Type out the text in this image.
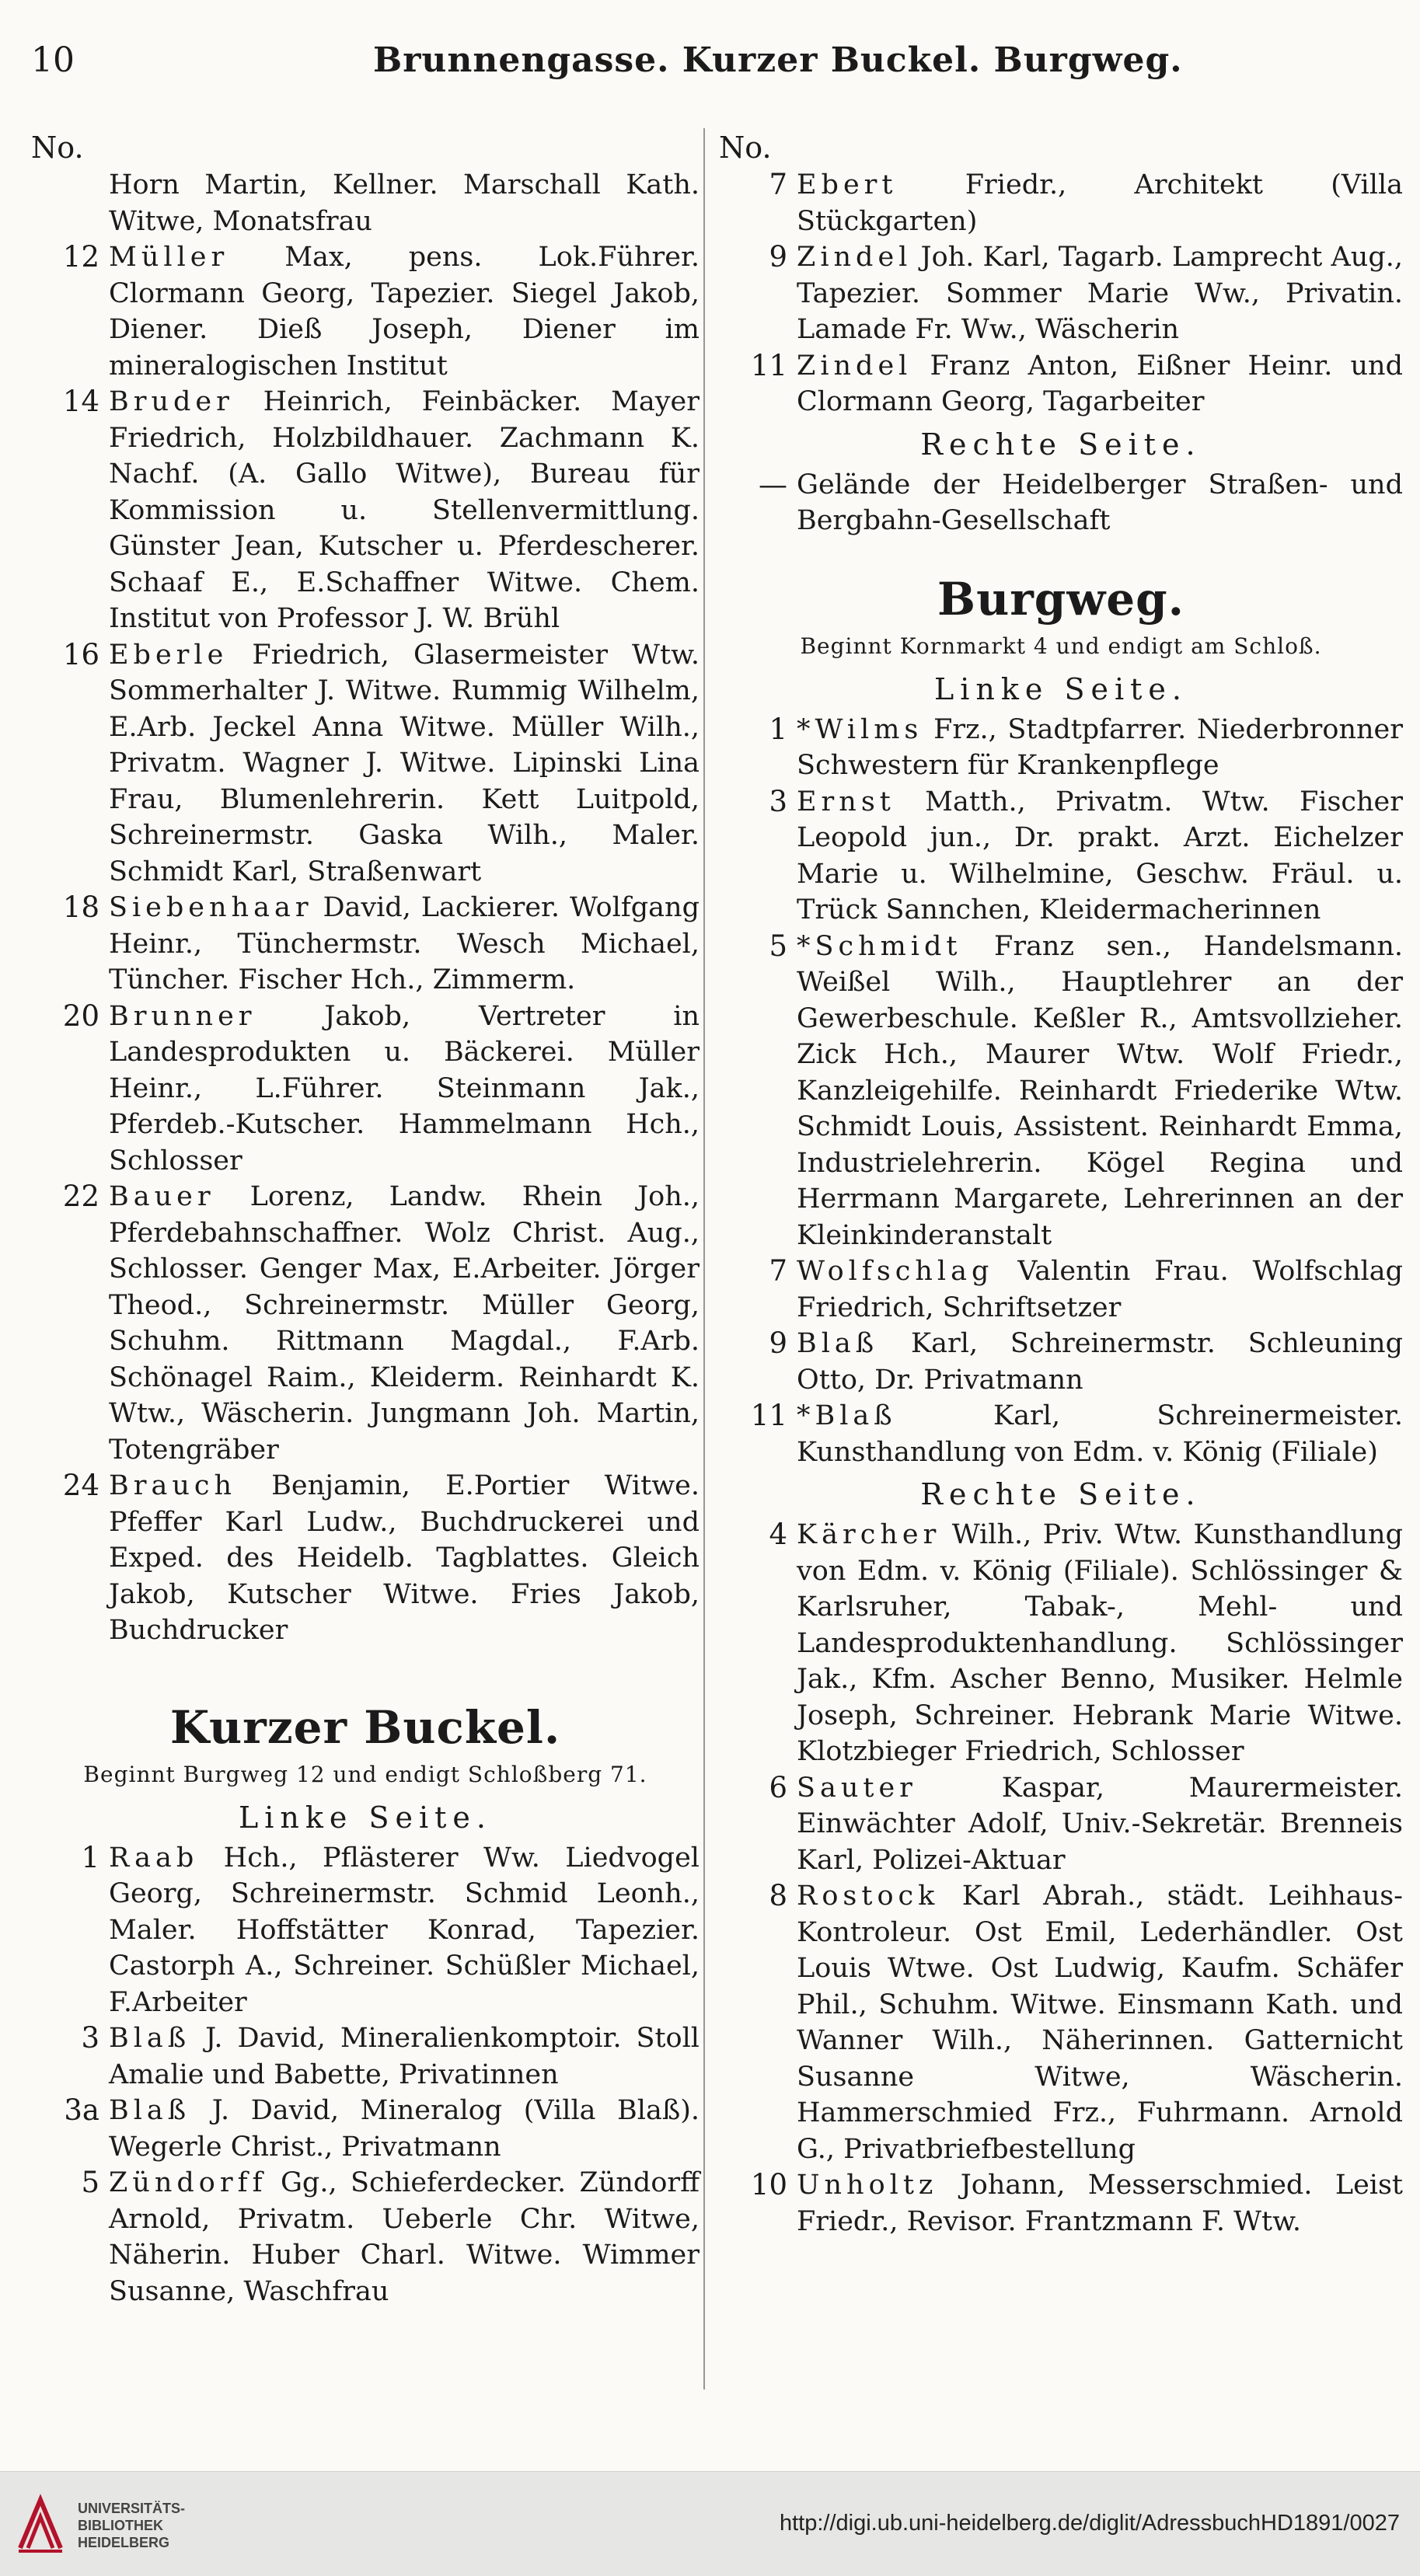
10	Brunnengasse. Kurzer Buckel. Burgweg.
No.

Horn Martin, Kellner. Marschall Kath. Witwe, Monatsfrau

12 Müller Max, pens. Lok.Führer. Clormann Georg, Tapezier. Siegel Jakob, Diener. Dieß Joseph, Diener im mineralogischen Institut

14 Bruder Heinrich, Feinbäcker. Mayer Friedrich, Holzbildhauer. Zachmann K. Nachf. (A. Gallo Witwe), Bureau für Kommission u. Stellenvermittlung. Günster Jean, Kutscher u. Pferdescherer. Schaaf E., E.Schaffner Witwe. Chem. Institut von Professor J. W. Brühl

16 Eberle Friedrich, Glasermeister Wtw. Sommerhalter J. Witwe. Rummig Wilhelm, E.Arb. Jeckel Anna Witwe. Müller Wilh., Privatm. Wagner J. Witwe. Lipinski Lina Frau, Blumenlehrerin. Kett Luitpold, Schreinermstr. Gaska Wilh., Maler. Schmidt Karl, Straßenwart

18 Siebenhaar David, Lackierer. Wolfgang Heinr., Tünchermstr. Wesch Michael, Tüncher. Fischer Hch., Zimmerm.

20 Brunner Jakob, Vertreter in Landesprodukten u. Bäckerei. Müller Heinr., L.Führer. Steinmann Jak., Pferdeb.-Kutscher. Hammelmann Hch., Schlosser

22 Bauer Lorenz, Landw. Rhein Joh., Pferdebahnschaffner. Wolz Christ. Aug., Schlosser. Genger Max, E.Arbeiter. Jörger Theod., Schreinermstr. Müller Georg, Schuhm. Rittmann Magdal., F.Arb. Schönagel Raim., Kleiderm. Reinhardt K. Wtw., Wäscherin. Jungmann Joh. Martin, Totengräber

24 Brauch Benjamin, E.Portier Witwe. Pfeffer Karl Ludw., Buchdruckerei und Exped. des Heidelb. Tagblattes. Gleich Jakob, Kutscher Witwe. Fries Jakob, Buchdrucker

Kurzer Buckel.
Beginnt Burgweg 12 und endigt Schloßberg 71.
Linke Seite.

1 Raab Hch., Pflästerer Ww. Liedvogel Georg, Schreinermstr. Schmid Leonh., Maler. Hoffstätter Konrad, Tapezier. Castorph A., Schreiner. Schüßler Michael, F.Arbeiter

3 Blaß J. David, Mineralienkomptoir. Stoll Amalie und Babette, Privatinnen

3a Blaß J. David, Mineralog (Villa Blaß). Wegerle Christ., Privatmann

5 Zündorff Gg., Schieferdecker. Zündorff Arnold, Privatm. Ueberle Chr. Witwe, Näherin. Huber Charl. Witwe. Wimmer Susanne, Waschfrau

No.

7 Ebert Friedr., Architekt (Villa Stückgarten)

9 Zindel Joh. Karl, Tagarb. Lamprecht Aug., Tapezier. Sommer Marie Ww., Privatin. Lamade Fr. Ww., Wäscherin

11 Zindel Franz Anton, Eißner Heinr. und Clormann Georg, Tagarbeiter

Rechte Seite.

— Gelände der Heidelberger Straßen- und Bergbahn-Gesellschaft

Burgweg.
Beginnt Kornmarkt 4 und endigt am Schloß.
Linke Seite.

1 *Wilms Frz., Stadtpfarrer. Niederbronner Schwestern für Krankenpflege

3 Ernst Matth., Privatm. Wtw. Fischer Leopold jun., Dr. prakt. Arzt. Eichelzer Marie u. Wilhelmine, Geschw. Fräul. u. Trück Sannchen, Kleidermacherinnen

5 *Schmidt Franz sen., Handelsmann. Weißel Wilh., Hauptlehrer an der Gewerbeschule. Keßler R., Amtsvollzieher. Zick Hch., Maurer Wtw. Wolf Friedr., Kanzleigehilfe. Reinhardt Friederike Wtw. Schmidt Louis, Assistent. Reinhardt Emma, Industrielehrerin. Kögel Regina und Herrmann Margarete, Lehrerinnen an der Kleinkinderanstalt

7 Wolfschlag Valentin Frau. Wolfschlag Friedrich, Schriftsetzer

9 Blaß Karl, Schreinermstr. Schleuning Otto, Dr. Privatmann

11 *Blaß Karl, Schreinermeister. Kunsthandlung von Edm. v. König (Filiale)

Rechte Seite.

4 Kärcher Wilh., Priv. Wtw. Kunsthandlung von Edm. v. König (Filiale). Schlössinger & Karlsruher, Tabak-, Mehl- und Landesproduktenhandlung. Schlössinger Jak., Kfm. Ascher Benno, Musiker. Helmle Joseph, Schreiner. Hebrank Marie Witwe. Klotzbieger Friedrich, Schlosser

6 Sauter Kaspar, Maurermeister. Einwächter Adolf, Univ.-Sekretär. Brenneis Karl, Polizei-Aktuar

8 Rostock Karl Abrah., städt. Leihhaus-Kontroleur. Ost Emil, Lederhändler. Ost Louis Wtwe. Ost Ludwig, Kaufm. Schäfer Phil., Schuhm. Witwe. Einsmann Kath. und Wanner Wilh., Näherinnen. Gatternicht Susanne Witwe, Wäscherin. Hammerschmied Frz., Fuhrmann. Arnold G., Privatbriefbestellung

10 Unholtz Johann, Messerschmied. Leist Friedr., Revisor. Frantzmann F. Wtw.

UNIVERSITÄTS-
BIBLIOTHEK
HEIDELBERG
http://digi.ub.uni-heidelberg.de/diglit/AdressbuchHD1891/0027
